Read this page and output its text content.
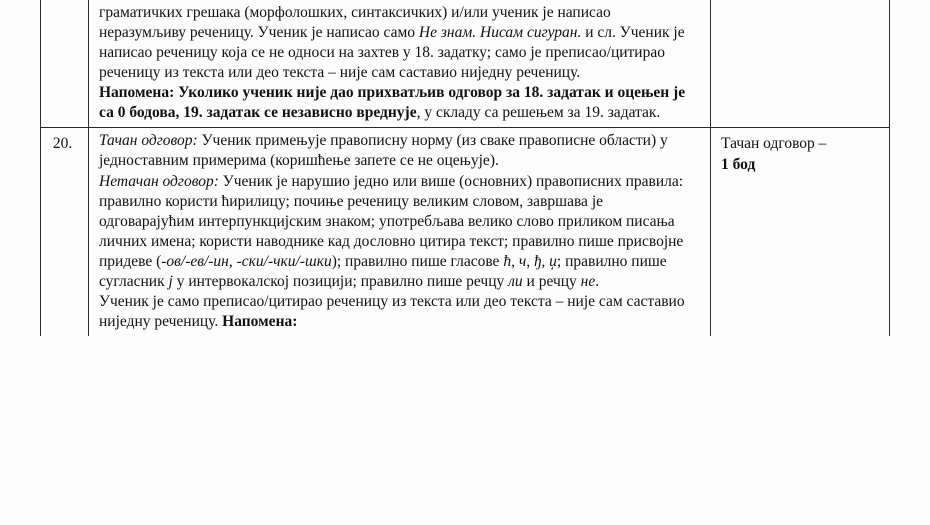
граматичких грешака (морфолошких, синтаксичких) и/или ученик је написао неразумљиву реченицу. Ученик је написао само Не знам. Нисам сигуран. и сл. Ученик је написао реченицу која се не односи на захтев у 18. задатку; само је преписао/цитирао реченицу из текста или део текста – није сам саставио ниједну реченицу.

Напомена: Уколико ученик није дао прихватљив одговор за 18. задатак и оцењен је са 0 бодова, 19. задатак се независно вреднује, у складу са решењем за 19. задатак.

20.	Тачан одговор: Ученик примењује правописну норму (из сваке правописне области) у једноставним примерима (коришћење запете се не оцењује).

Нетачан одговор: Ученик је нарушио једно или више (основних) правописних правила: правилно користи ћирилицу; почиње реченицу великим словом, завршава је одговарајућим интерпункцијским знаком; употребљава велико слово приликом писања личних имена; користи наводнике кад дословно цитира текст; правилно пише присвојне придеве (-ов/-ев/-ин, -ски/-чки/-шки); правилно пише гласове ћ, ч, ђ, џ; правилно пише сугласник ј у интервокалској позицији; правилно пише речцу ли и речцу не.

Ученик је само преписао/цитирао реченицу из текста или део текста – није сам саставио ниједну реченицу. Напомена:

Тачан одговор –

1 бод
